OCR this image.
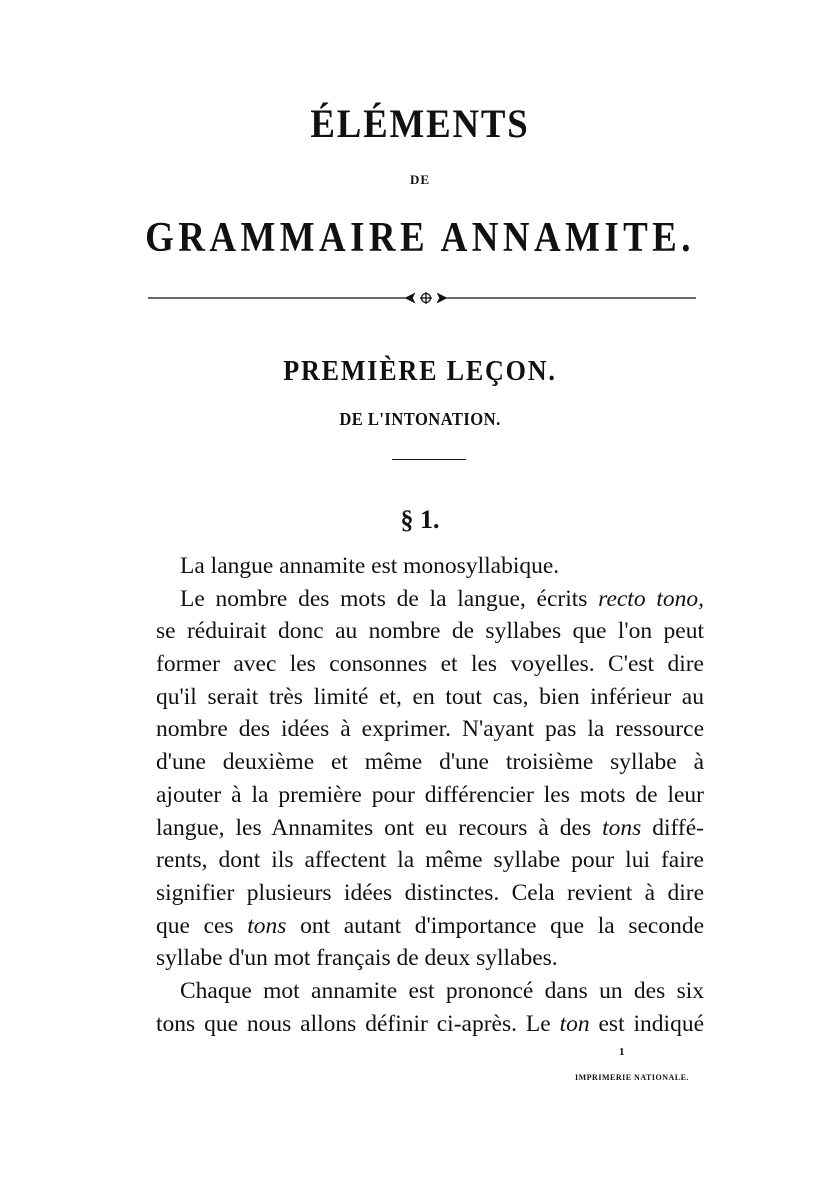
ÉLÉMENTS
DE
GRAMMAIRE ANNAMITE.
PREMIÈRE LEÇON.
DE L'INTONATION.
§ 1.
La langue annamite est monosyllabique.
Le nombre des mots de la langue, écrits recto tono,
se réduirait donc au nombre de syllabes que l'on peut
former avec les consonnes et les voyelles. C'est dire
qu'il serait très limité et, en tout cas, bien inférieur au
nombre des idées à exprimer. N'ayant pas la ressource
d'une deuxième et même d'une troisième syllabe à
ajouter à la première pour différencier les mots de leur
langue, les Annamites ont eu recours à des tons diffé-
rents, dont ils affectent la même syllabe pour lui faire
signifier plusieurs idées distinctes. Cela revient à dire
que ces tons ont autant d'importance que la seconde
syllabe d'un mot français de deux syllabes.
Chaque mot annamite est prononcé dans un des six
tons que nous allons définir ci-après. Le ton est indiqué
1
IMPRIMERIE NATIONALE.
